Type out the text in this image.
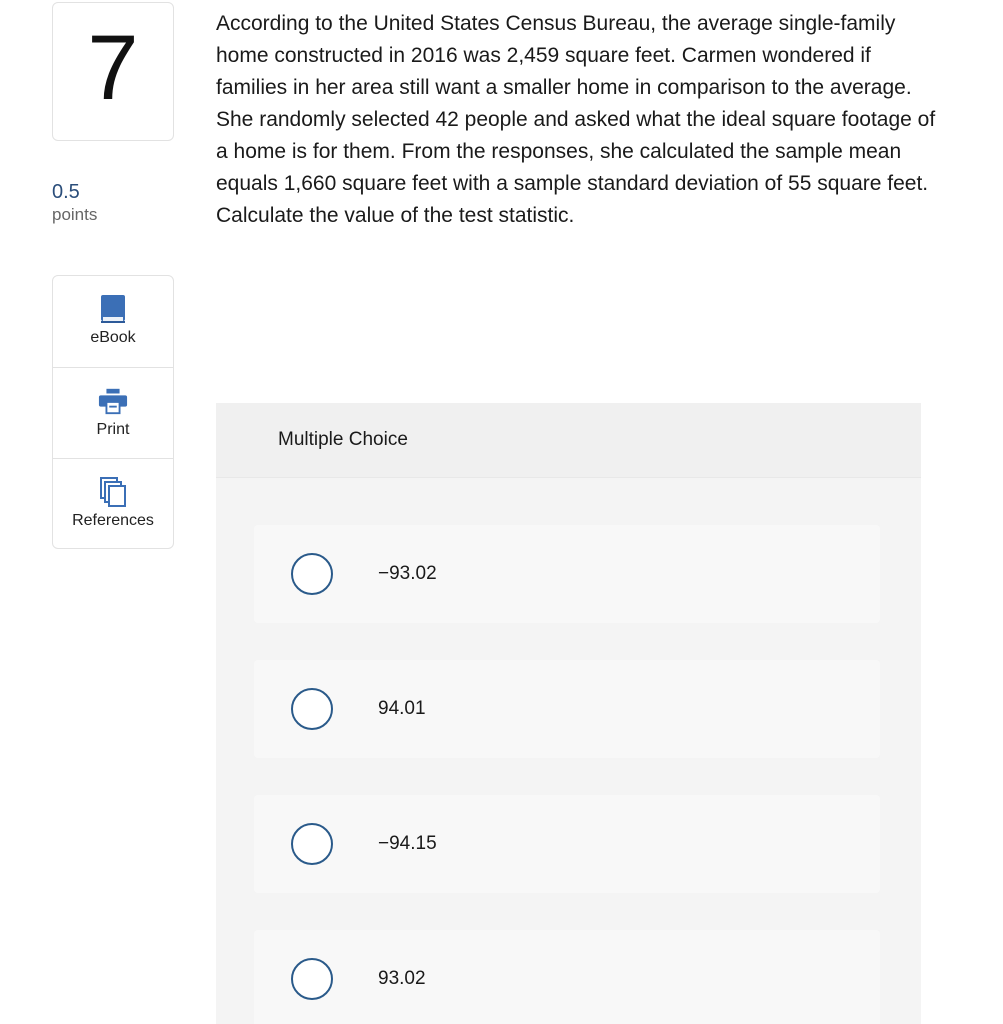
7
0.5
points
eBook
Print
References
According to the United States Census Bureau, the average single-family home constructed in 2016 was 2,459 square feet. Carmen wondered if families in her area still want a smaller home in comparison to the average. She randomly selected 42 people and asked what the ideal square footage of a home is for them. From the responses, she calculated the sample mean equals 1,660 square feet with a sample standard deviation of 55 square feet. Calculate the value of the test statistic.
Multiple Choice
−93.02
94.01
−94.15
93.02
